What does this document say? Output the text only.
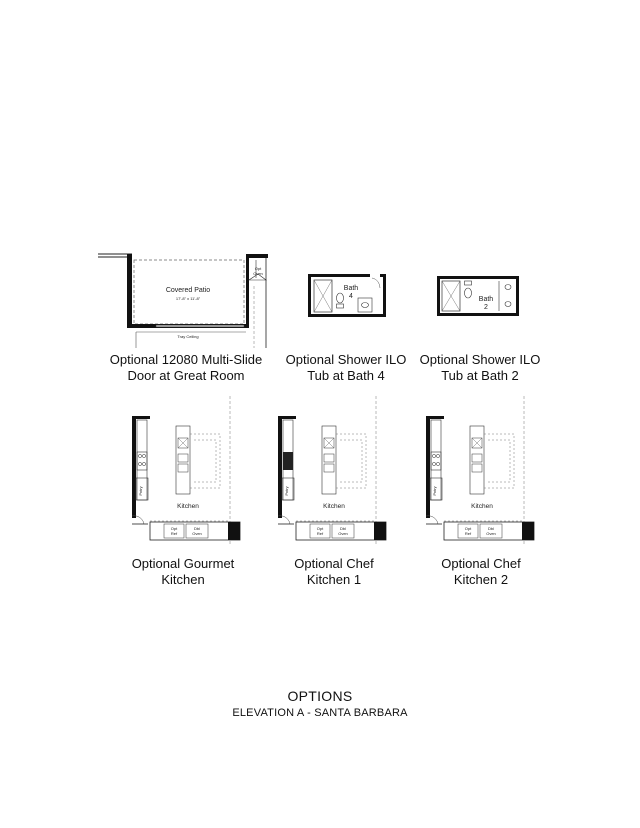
Covered Patio
17'-8" x 11'-8"
Tray Ceiling
Opt
Oven
Optional 12080 Multi-Slide
Door at Great Room
Bath
4
Optional Shower ILO
Tub at Bath 4
Bath
2
Optional Shower ILO
Tub at Bath 2
Kitchen
Pntry
Opt
Ref
Dbl
Oven
Optional Gourmet
Kitchen
Kitchen
Pntry
Opt
Ref
Dbl
Oven
Optional Chef
Kitchen 1
Kitchen
Pntry
Opt
Ref
Dbl
Oven
Optional Chef
Kitchen 2
OPTIONS
ELEVATION A - SANTA BARBARA
